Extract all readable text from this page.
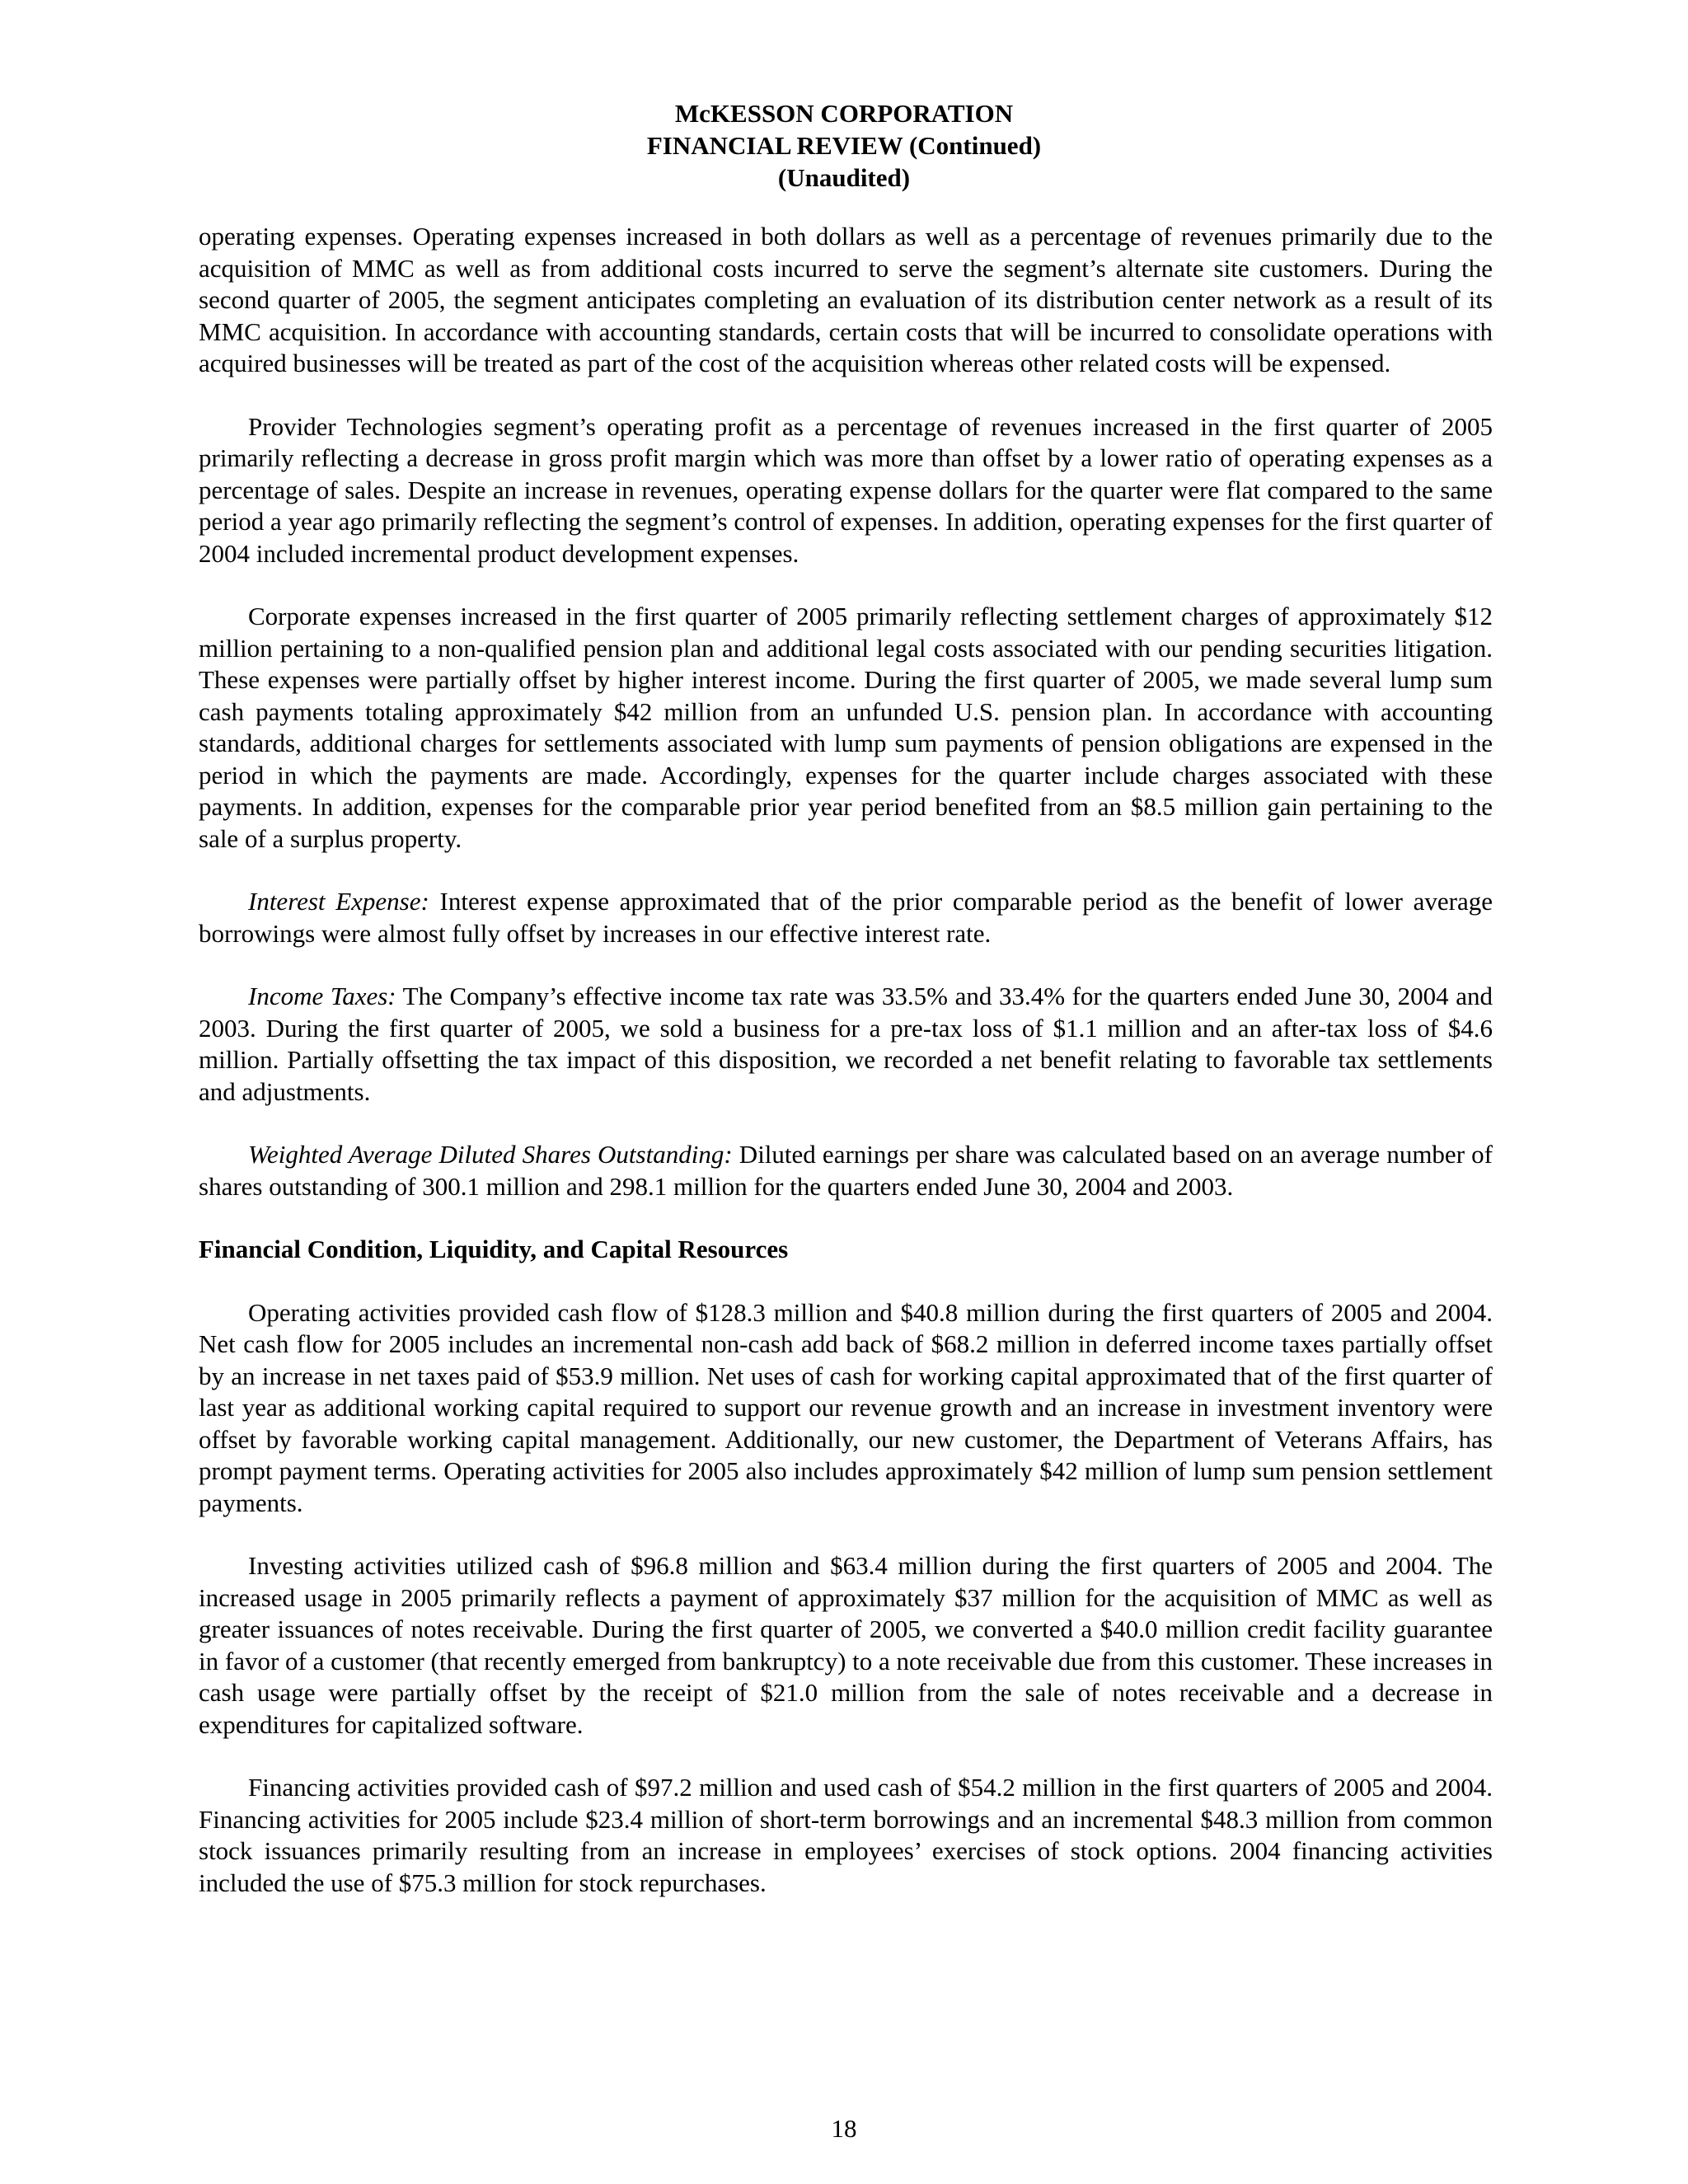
McKESSON CORPORATION
FINANCIAL REVIEW (Continued)
(Unaudited)

operating expenses. Operating expenses increased in both dollars as well as a percentage of revenues primarily due to the acquisition of MMC as well as from additional costs incurred to serve the segment’s alternate site customers. During the second quarter of 2005, the segment anticipates completing an evaluation of its distribution center network as a result of its MMC acquisition. In accordance with accounting standards, certain costs that will be incurred to consolidate operations with acquired businesses will be treated as part of the cost of the acquisition whereas other related costs will be expensed.

Provider Technologies segment’s operating profit as a percentage of revenues increased in the first quarter of 2005 primarily reflecting a decrease in gross profit margin which was more than offset by a lower ratio of operating expenses as a percentage of sales. Despite an increase in revenues, operating expense dollars for the quarter were flat compared to the same period a year ago primarily reflecting the segment’s control of expenses. In addition, operating expenses for the first quarter of 2004 included incremental product development expenses.

Corporate expenses increased in the first quarter of 2005 primarily reflecting settlement charges of approximately $12 million pertaining to a non-qualified pension plan and additional legal costs associated with our pending securities litigation. These expenses were partially offset by higher interest income. During the first quarter of 2005, we made several lump sum cash payments totaling approximately $42 million from an unfunded U.S. pension plan. In accordance with accounting standards, additional charges for settlements associated with lump sum payments of pension obligations are expensed in the period in which the payments are made. Accordingly, expenses for the quarter include charges associated with these payments. In addition, expenses for the comparable prior year period benefited from an $8.5 million gain pertaining to the sale of a surplus property.

Interest Expense: Interest expense approximated that of the prior comparable period as the benefit of lower average borrowings were almost fully offset by increases in our effective interest rate.

Income Taxes: The Company’s effective income tax rate was 33.5% and 33.4% for the quarters ended June 30, 2004 and 2003. During the first quarter of 2005, we sold a business for a pre-tax loss of $1.1 million and an after-tax loss of $4.6 million. Partially offsetting the tax impact of this disposition, we recorded a net benefit relating to favorable tax settlements and adjustments.

Weighted Average Diluted Shares Outstanding: Diluted earnings per share was calculated based on an average number of shares outstanding of 300.1 million and 298.1 million for the quarters ended June 30, 2004 and 2003.

Financial Condition, Liquidity, and Capital Resources

Operating activities provided cash flow of $128.3 million and $40.8 million during the first quarters of 2005 and 2004. Net cash flow for 2005 includes an incremental non-cash add back of $68.2 million in deferred income taxes partially offset by an increase in net taxes paid of $53.9 million. Net uses of cash for working capital approximated that of the first quarter of last year as additional working capital required to support our revenue growth and an increase in investment inventory were offset by favorable working capital management. Additionally, our new customer, the Department of Veterans Affairs, has prompt payment terms. Operating activities for 2005 also includes approximately $42 million of lump sum pension settlement payments.

Investing activities utilized cash of $96.8 million and $63.4 million during the first quarters of 2005 and 2004. The increased usage in 2005 primarily reflects a payment of approximately $37 million for the acquisition of MMC as well as greater issuances of notes receivable. During the first quarter of 2005, we converted a $40.0 million credit facility guarantee in favor of a customer (that recently emerged from bankruptcy) to a note receivable due from this customer. These increases in cash usage were partially offset by the receipt of $21.0 million from the sale of notes receivable and a decrease in expenditures for capitalized software.

Financing activities provided cash of $97.2 million and used cash of $54.2 million in the first quarters of 2005 and 2004. Financing activities for 2005 include $23.4 million of short-term borrowings and an incremental $48.3 million from common stock issuances primarily resulting from an increase in employees’ exercises of stock options. 2004 financing activities included the use of $75.3 million for stock repurchases.

18
